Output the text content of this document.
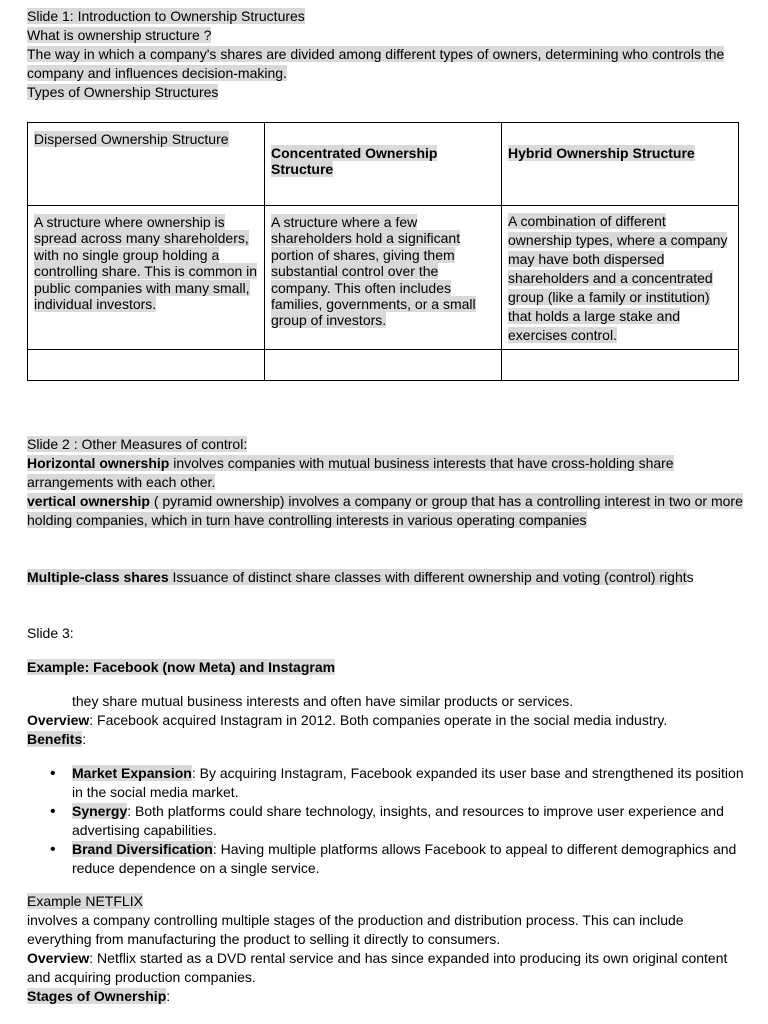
Slide 1: Introduction to Ownership Structures
What is ownership structure ?
The way in which a company's shares are divided among different types of owners, determining who controls the
company and influences decision-making.
Types of Ownership Structures
Dispersed Ownership Structure	Concentrated Ownership Structure	Hybrid Ownership Structure
A structure where ownership is spread across many shareholders, with no single group holding a controlling share. This is common in public companies with many small, individual investors.	A structure where a few shareholders hold a significant portion of shares, giving them substantial control over the company. This often includes families, governments, or a small group of investors.	A combination of different ownership types, where a company may have both dispersed shareholders and a concentrated group (like a family or institution) that holds a large stake and exercises control.

Slide 2 : Other Measures of control:
Horizontal ownership involves companies with mutual business interests that have cross-holding share
arrangements with each other.
vertical ownership ( pyramid ownership) involves a company or group that has a controlling interest in two or more
holding companies, which in turn have controlling interests in various operating companies
Multiple-class shares Issuance of distinct share classes with different ownership and voting (control) rights
Slide 3:
Example: Facebook (now Meta) and Instagram
they share mutual business interests and often have similar products or services.
Overview: Facebook acquired Instagram in 2012. Both companies operate in the social media industry.
Benefits:
• Market Expansion: By acquiring Instagram, Facebook expanded its user base and strengthened its position
in the social media market.
• Synergy: Both platforms could share technology, insights, and resources to improve user experience and
advertising capabilities.
• Brand Diversification: Having multiple platforms allows Facebook to appeal to different demographics and
reduce dependence on a single service.
Example NETFLIX
involves a company controlling multiple stages of the production and distribution process. This can include
everything from manufacturing the product to selling it directly to consumers.
Overview: Netflix started as a DVD rental service and has since expanded into producing its own original content
and acquiring production companies.
Stages of Ownership:
